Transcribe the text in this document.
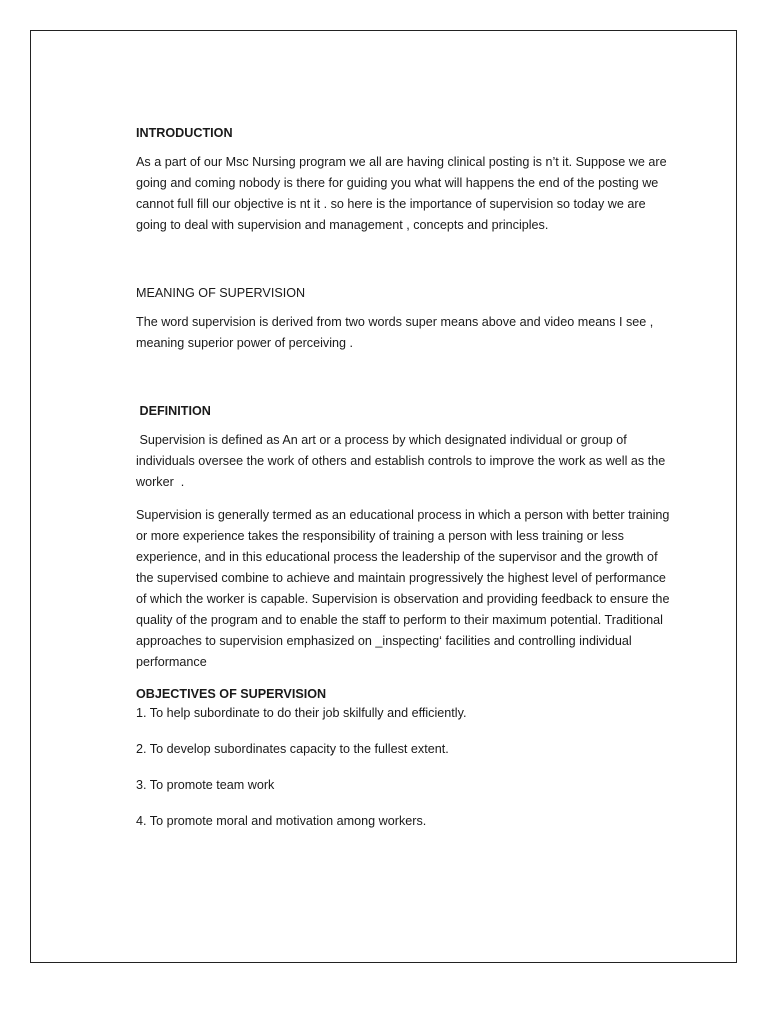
INTRODUCTION

As a part of our Msc Nursing program we all are having clinical posting is n’t it. Suppose we are going and coming nobody is there for guiding you what will happens the end of the posting we cannot full fill our objective is nt it . so here is the importance of supervision so today we are going to deal with supervision and management , concepts and principles.

MEANING OF SUPERVISION

The word supervision is derived from two words super means above and video means I see , meaning superior power of perceiving .

DEFINITION

Supervision is defined as An art or a process by which designated individual or group of individuals oversee the work of others and establish controls to improve the work as well as the worker  .

Supervision is generally termed as an educational process in which a person with better training or more experience takes the responsibility of training a person with less training or less experience, and in this educational process the leadership of the supervisor and the growth of the supervised combine to achieve and maintain progressively the highest level of performance of which the worker is capable. Supervision is observation and providing feedback to ensure the quality of the program and to enable the staff to perform to their maximum potential. Traditional approaches to supervision emphasized on _inspecting‘ facilities and controlling individual performance

OBJECTIVES OF SUPERVISION

1. To help subordinate to do their job skilfully and efficiently.

2. To develop subordinates capacity to the fullest extent.

3. To promote team work

4. To promote moral and motivation among workers.
